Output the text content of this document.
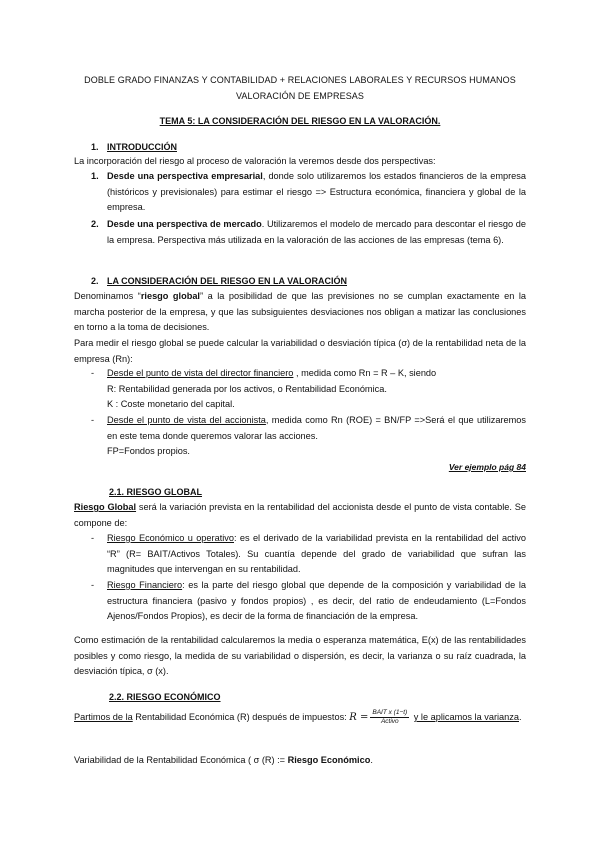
DOBLE GRADO FINANZAS Y CONTABILIDAD + RELACIONES LABORALES Y RECURSOS HUMANOS
VALORACIÓN DE EMPRESAS
TEMA 5: LA CONSIDERACIÓN DEL RIESGO EN LA VALORACIÓN.
1. INTRODUCCIÓN
La incorporación del riesgo al proceso de valoración la veremos desde dos perspectivas:
1. Desde una perspectiva empresarial, donde solo utilizaremos los estados financieros de la empresa (históricos y previsionales) para estimar el riesgo => Estructura económica, financiera y global de la empresa.
2. Desde una perspectiva de mercado. Utilizaremos el modelo de mercado para descontar el riesgo de la empresa. Perspectiva más utilizada en la valoración de las acciones de las empresas (tema 6).
2. LA CONSIDERACIÓN DEL RIESGO EN LA VALORACIÓN
Denominamos “riesgo global” a la posibilidad de que las previsiones no se cumplan exactamente en la marcha posterior de la empresa, y que las subsiguientes desviaciones nos obligan a matizar las conclusiones en torno a la toma de decisiones.
Para medir el riesgo global se puede calcular la variabilidad o desviación típica (σ) de la rentabilidad neta de la empresa (Rn):
- Desde el punto de vista del director financiero , medida como Rn = R – K, siendo
R: Rentabilidad generada por los activos, o Rentabilidad Económica.
K : Coste monetario del capital.
- Desde el punto de vista del accionista, medida como Rn (ROE) = BN/FP =>Será el que utilizaremos en este tema donde queremos valorar las acciones.
FP=Fondos propios.
Ver ejemplo pág 84
2.1. RIESGO GLOBAL
Riesgo Global será la variación prevista en la rentabilidad del accionista desde el punto de vista contable. Se compone de:
- Riesgo Económico u operativo: es el derivado de la variabilidad prevista en la rentabilidad del activo “R” (R= BAIT/Activos Totales). Su cuantía depende del grado de variabilidad que sufran las magnitudes que intervengan en su rentabilidad.
- Riesgo Financiero: es la parte del riesgo global que depende de la composición y variabilidad de la estructura financiera (pasivo y fondos propios) , es decir, del ratio de endeudamiento (L=Fondos Ajenos/Fondos Propios), es decir de la forma de financiación de la empresa.
Como estimación de la rentabilidad calcularemos la media o esperanza matemática, E(x) de las rentabilidades posibles y como riesgo, la medida de su variabilidad o dispersión, es decir, la varianza o su raíz cuadrada, la desviación típica, σ (x).
2.2. RIESGO ECONÓMICO
Partimos de la Rentabilidad Económica (R) después de impuestos: $R = \frac{\text{BAIT x (1−t)}}{\text{Activo}}$ y le aplicamos la varianza.
Variabilidad de la Rentabilidad Económica ( σ (R) := Riesgo Económico.
